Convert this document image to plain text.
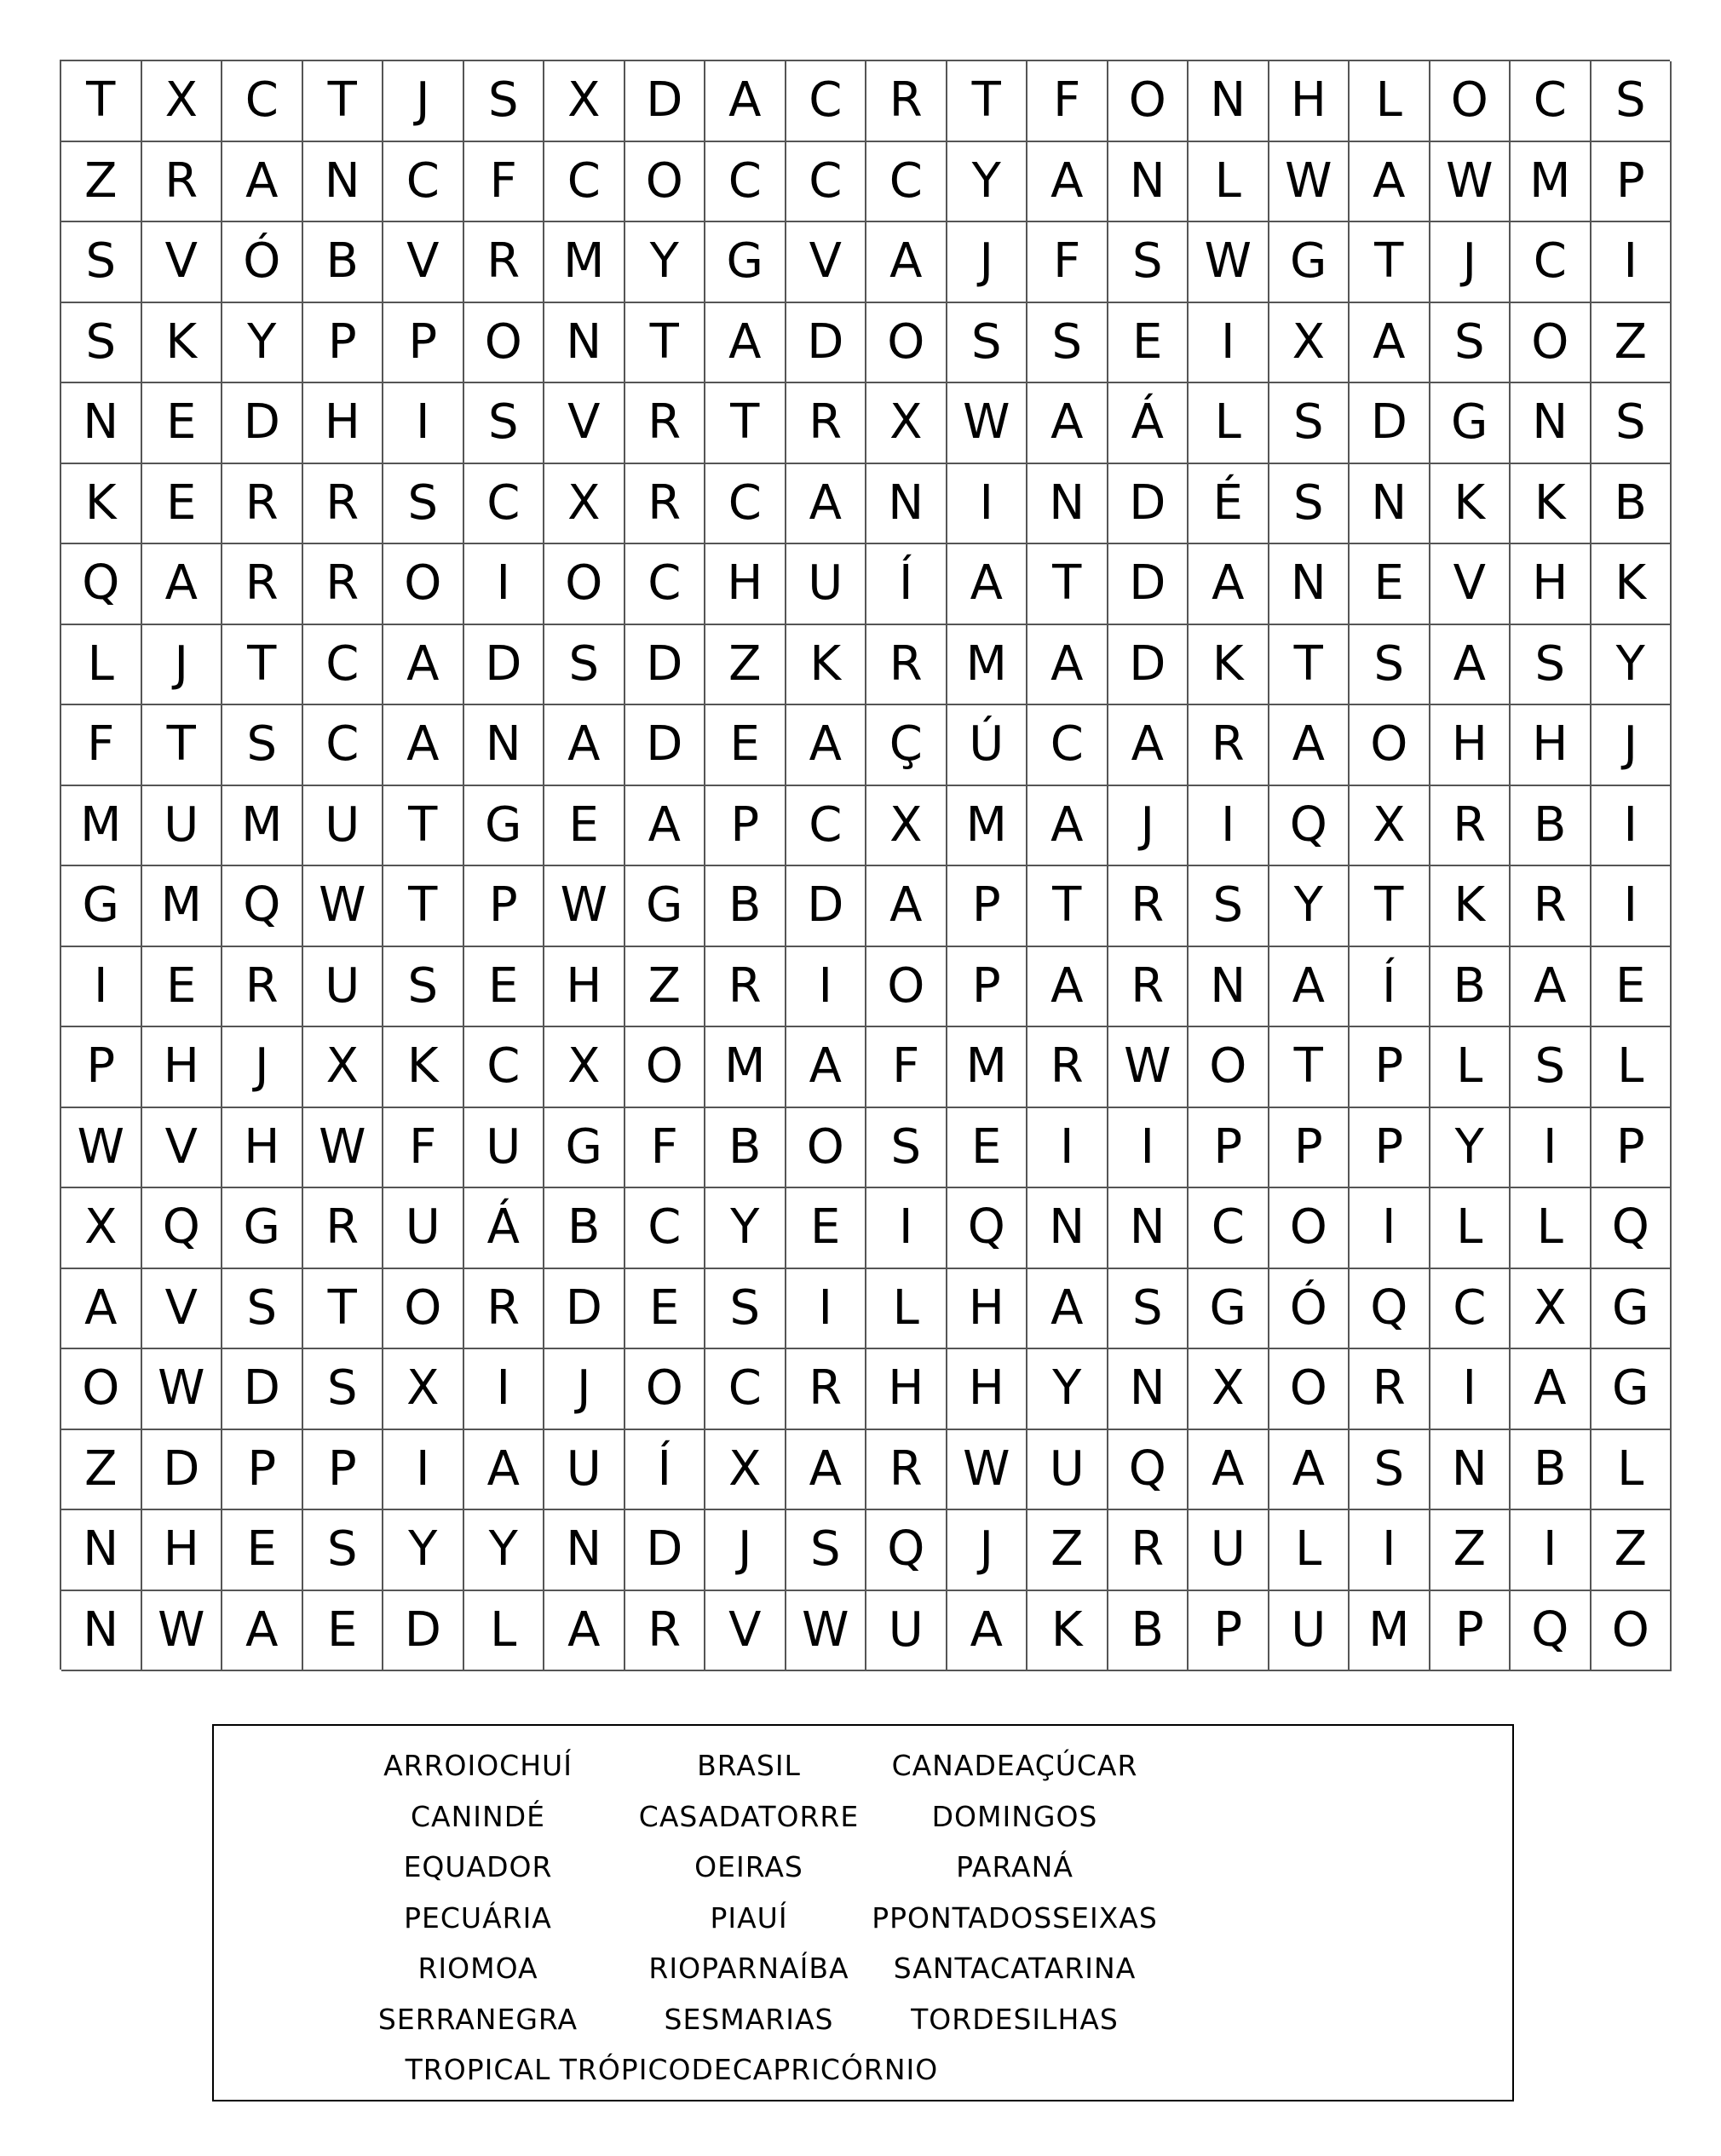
T	X C	T	J	S	X D A C R	T	F	O N H	L	O C	S
Z R A N C	F	C O C C C	Y	A N	L W A W M P
S	V Ó B	V R M Y G V	A	J	F	S W G T	J	C	I
S	K	Y	P	P O N	T	A D O S	S	E	I	X	A	S O Z
N E D H	I	S	V R	T	R X W A	Á	L	S D G N S
K	E	R R	S	C X R C A N	I	N D É	S N K	K	B
Q A R R O	I	O C H U	Í	A	T D A N E	V H K
L	J	T	C A D S D Z	K	R M A D K	T	S	A	S	Y
F	T	S	C A N A D E	A Ç Ú C A R A O H H	J
M U M U	T G E	A	P	C X M A	J	I	Q X R B	I
G M Q W T	P W G B D A	P	T	R	S	Y	T	K	R	I
I	E	R U	S	E H Z R	I	O P	A R N A	Í	B	A	E
P	H	J	X	K	C X O M A	F M R W O T	P	L	S	L
W V H W F	U G	F	B O S	E	I	I	P	P	P	Y	I	P
X Q G R U Á	B C	Y	E	I	Q N N C O	I	L	L	Q
A	V	S	T O R D E	S	I	L	H A	S G Ó Q C X G
O W D S	X	I	J	O C R H H	Y	N X O R	I	A G
Z D	P	P	I	A U	Í	X	A R W U Q A	A	S N B	L
N H E	S	Y	Y	N D	J	S Q	J	Z R U	L	I	Z	I	Z
N W A	E D	L	A R V W U A	K	B	P	U M P Q O
ARROIOCHUÍ	BRASIL	CANADEAÇÚCAR
CANINDÉ	CASADATORRE	DOMINGOS
EQUADOR	OEIRAS	PARANÁ
PECUÁRIA	PIAUÍ	PPONTADOSSEIXAS
RIOMOA	RIOPARNAÍBA SANTACATARINA
SERRANEGRA	SESMARIAS	TORDESILHAS
TROPICAL TRÓPICODECAPRICÓRNIO
